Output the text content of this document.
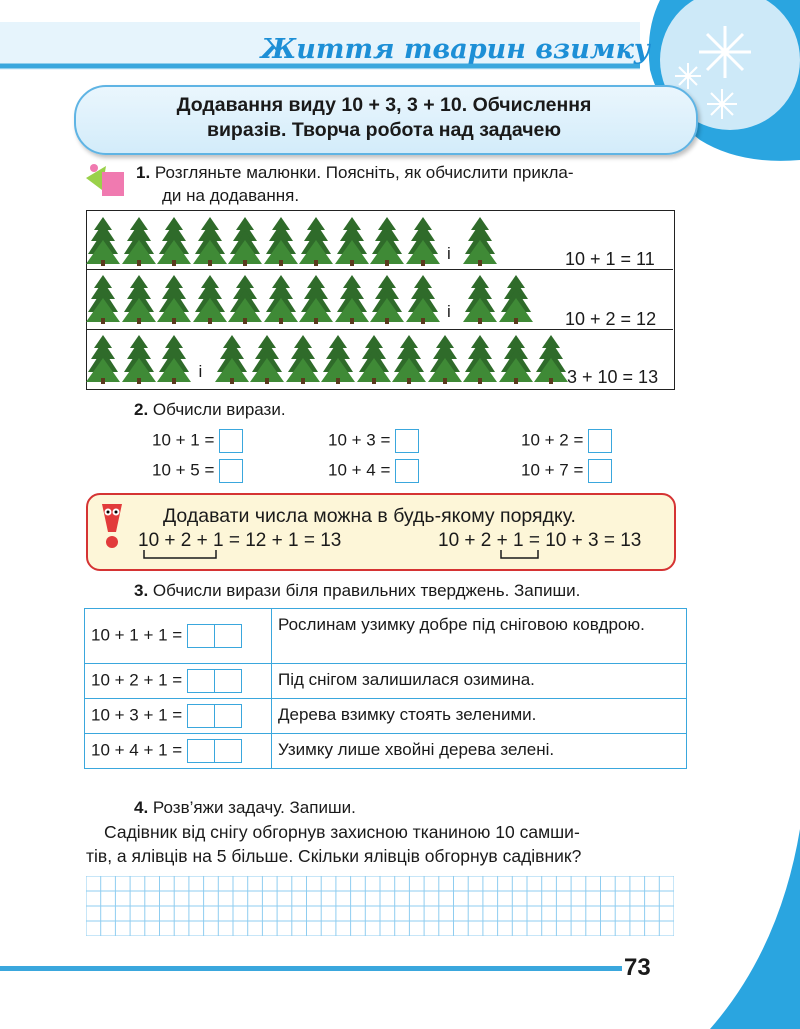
Життя тварин взимку
Додавання виду 10 + 3, 3 + 10. Обчислення
виразів. Творча робота над задачею
1. Розгляньте малюнки. Поясніть, як обчислити прикла-
ди на додавання.
і
і
і
10 + 1 = 11
10 + 2 = 12
3 + 10 = 13
2. Обчисли вирази.
10 + 1 =	10 + 3 =	10 + 2 =
10 + 5 =	10 + 4 =	10 + 7 =
Додавати числа можна в будь-якому порядку.
10 + 2 + 1 = 12 + 1 = 13	10 + 2 + 1 = 10 + 3 = 13
3. Обчисли вирази біля правильних тверджень. Запиши.
10 + 1 + 1 =	Рослинам узимку добре під сніговою ковдрою.
10 + 2 + 1 =	Під снігом залишилася озимина.
10 + 3 + 1 =	Дерева взимку стоять зеленими.
10 + 4 + 1 =	Узимку лише хвойні дерева зелені.
4. Розв’яжи задачу. Запиши.
Садівник від снігу обгорнув захисною тканиною 10 самши-
тів, а ялівців на 5 більше. Скільки ялівців обгорнув садівник?
73
